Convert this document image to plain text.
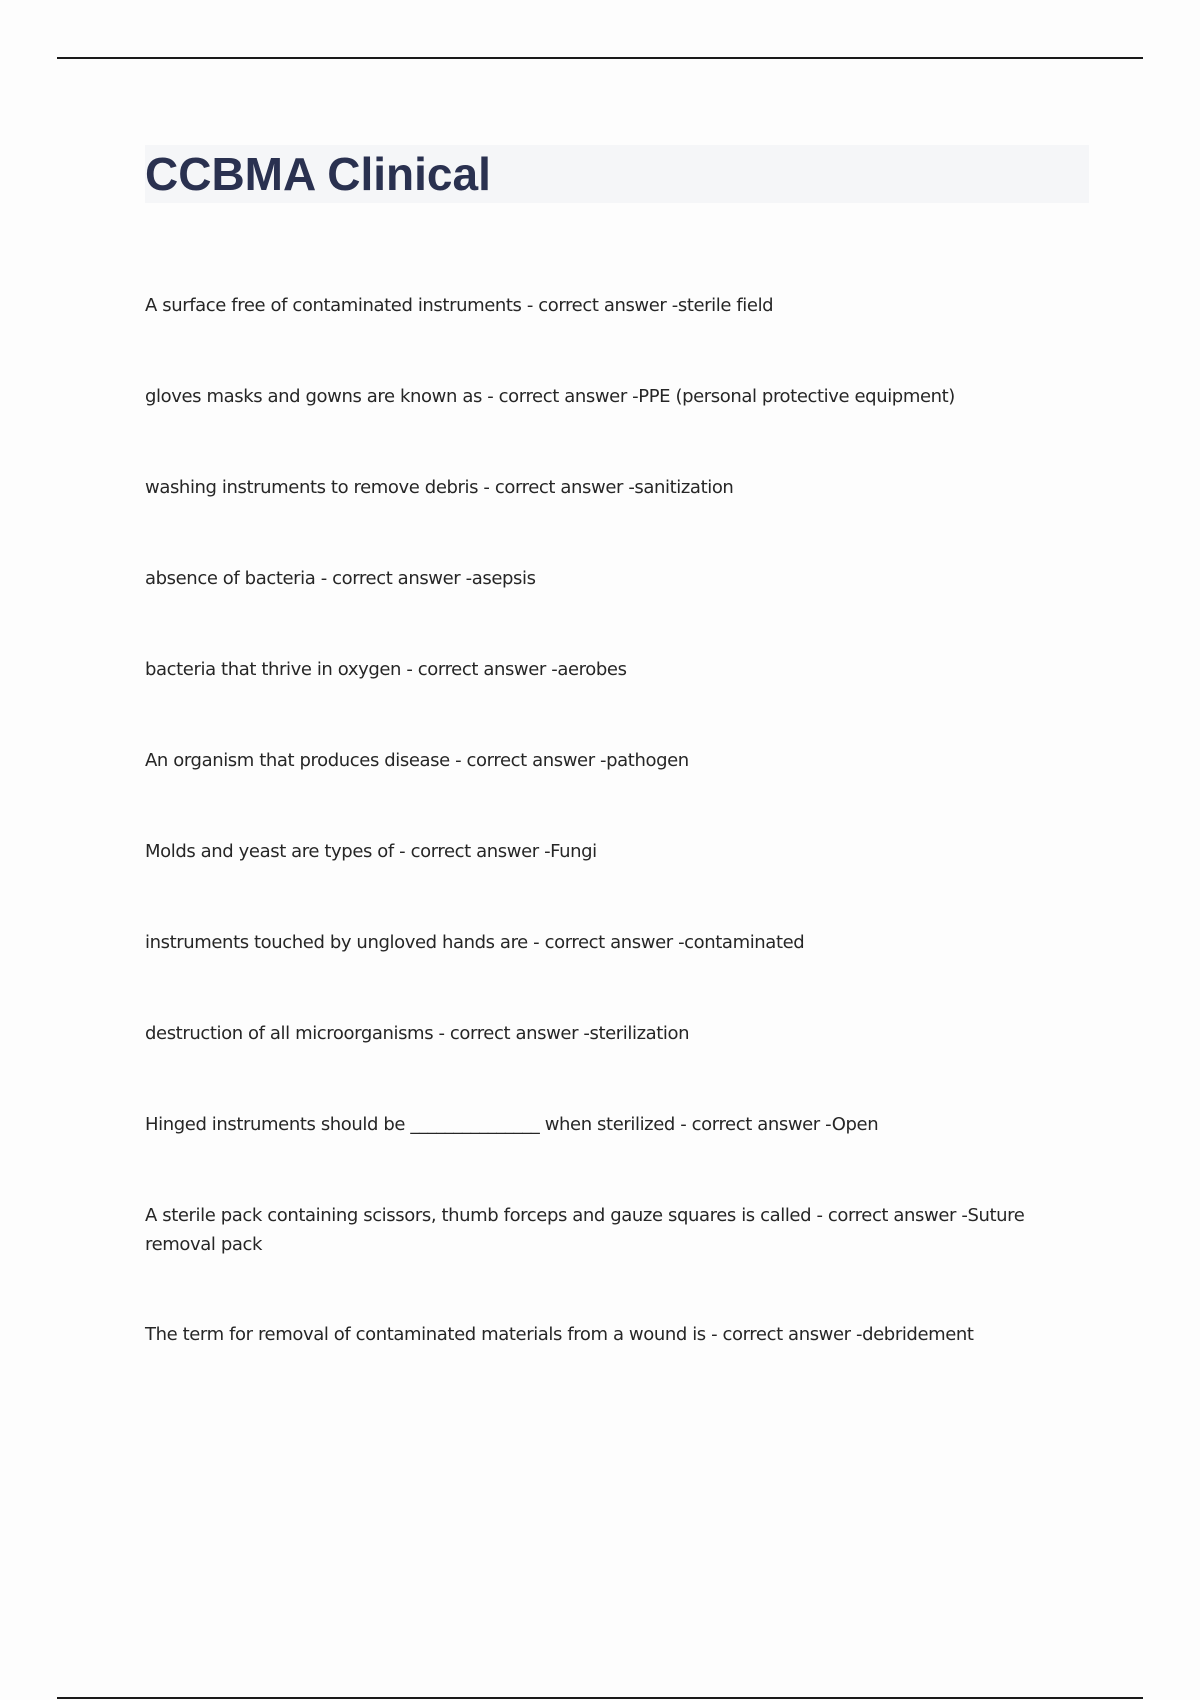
CCBMA Clinical
A surface free of contaminated instruments - correct answer -sterile field
gloves masks and gowns are known as - correct answer -PPE (personal protective equipment)
washing instruments to remove debris - correct answer -sanitization
absence of bacteria - correct answer -asepsis
bacteria that thrive in oxygen - correct answer -aerobes
An organism that produces disease - correct answer -pathogen
Molds and yeast are types of - correct answer -Fungi
instruments touched by ungloved hands are - correct answer -contaminated
destruction of all microorganisms - correct answer -sterilization
Hinged instruments should be _______________ when sterilized - correct answer -Open
A sterile pack containing scissors, thumb forceps and gauze squares is called - correct answer -Suture removal pack
The term for removal of contaminated materials from a wound is - correct answer -debridement
